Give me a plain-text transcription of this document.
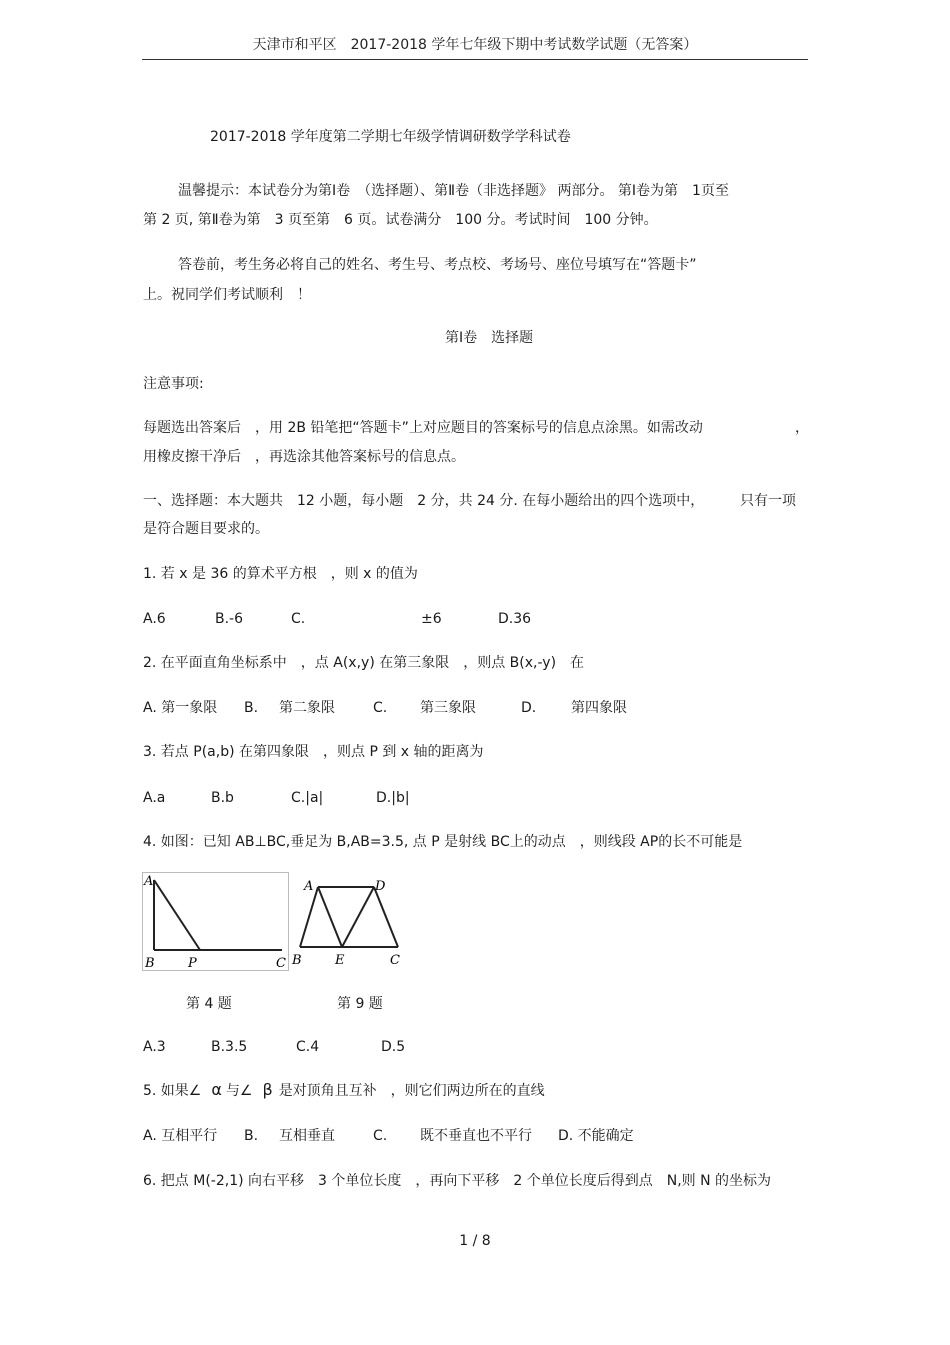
天津市和平区　2017-2018 学年七年级下期中考试数学试题（无答案）
2017-2018 学年度第二学期七年级学情调研数学学科试卷
温馨提示：本试卷分为第Ⅰ卷　（选择题）、第Ⅱ卷（非选择题》 两部分。 第Ⅰ卷为第　1页至
第 2 页, 第Ⅱ卷为第　3 页至第　6 页。试卷满分　100 分。考试时间　100 分钟。
答卷前，考生务必将自己的姓名、考生号、考点校、考场号、座位号填写在“答题卡”
上。祝同学们考试顺利　！
第Ⅰ卷　选择题
注意事项:
每题选出答案后　，用 2B 铅笔把“答题卡”上对应题目的答案标号的信息点涂黑。如需改动	，
用橡皮擦干净后　，再选涂其他答案标号的信息点。
一、选择题：本大题共　12 小题，每小题　2 分，共 24 分. 在每小题给出的四个选项中，	只有一项
是符合题目要求的。
1. 若 x 是 36 的算术平方根　，则 x 的值为
A.6	B.-6	C.	±6	D.36
2. 在平面直角坐标系中　，点 A(x,y) 在第三象限　，则点 B(x,-y)　在
A. 第一象限 B. 第二象限	C. 第三象限	D. 第四象限
3. 若点 P(a,b) 在第四象限　，则点 P 到 x 轴的距离为
A.a	B.b	C.|a|	D.|b|
4. 如图：已知 AB⊥BC,垂足为 B,AB=3.5, 点 P 是射线 BC上的动点　，则线段 AP的长不可能是
A
B	P	C
A	D
B	E	C
第 4 题	第 9 题
A.3	B.3.5	C.4	D.5
5. 如果∠ α 与∠ β 是对顶角且互补　，则它们两边所在的直线
A. 互相平行 B. 互相垂直	C. 既不垂直也不平行 D. 不能确定
6. 把点 M(-2,1) 向右平移　3 个单位长度　，再向下平移　2 个单位长度后得到点　N,则 N 的坐标为
1 / 8
